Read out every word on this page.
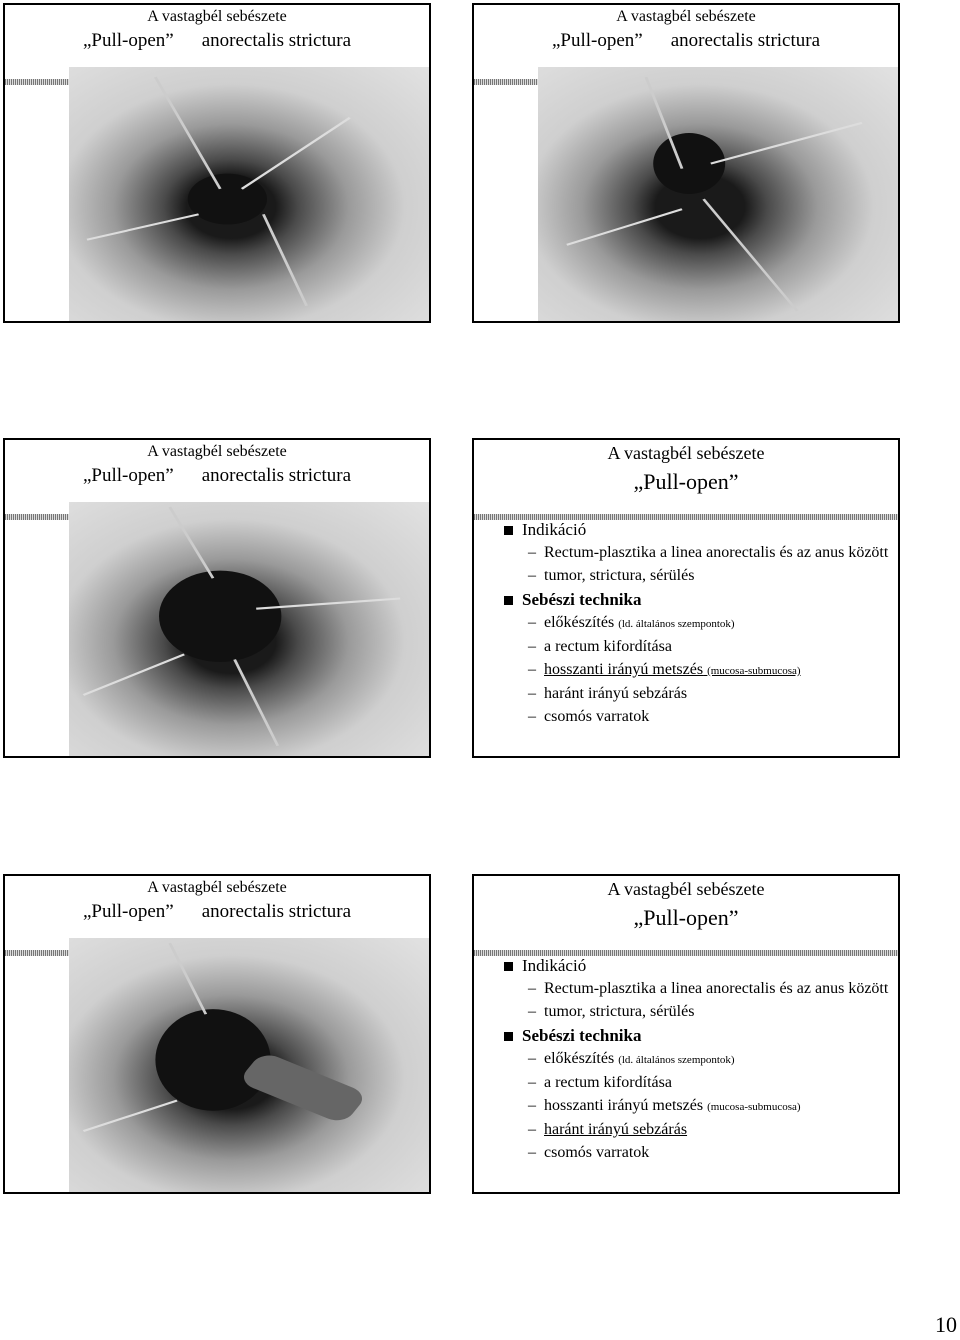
A vastagbél sebészete
„Pull-open” anorectalis strictura
A vastagbél sebészete
„Pull-open” anorectalis strictura
A vastagbél sebészete
„Pull-open” anorectalis strictura
A vastagbél sebészete
„Pull-open”
Indikáció
– Rectum-plasztika a linea anorectalis és az anus között
– tumor, strictura, sérülés
Sebészi technika
– előkészítés (ld. általános szempontok)
– a rectum kifordítása
– hosszanti irányú metszés (mucosa-submucosa)
– haránt irányú sebzárás
– csomós varratok
A vastagbél sebészete
„Pull-open” anorectalis strictura
A vastagbél sebészete
„Pull-open”
Indikáció
– Rectum-plasztika a linea anorectalis és az anus között
– tumor, strictura, sérülés
Sebészi technika
– előkészítés (ld. általános szempontok)
– a rectum kifordítása
– hosszanti irányú metszés (mucosa-submucosa)
– haránt irányú sebzárás
– csomós varratok
10
